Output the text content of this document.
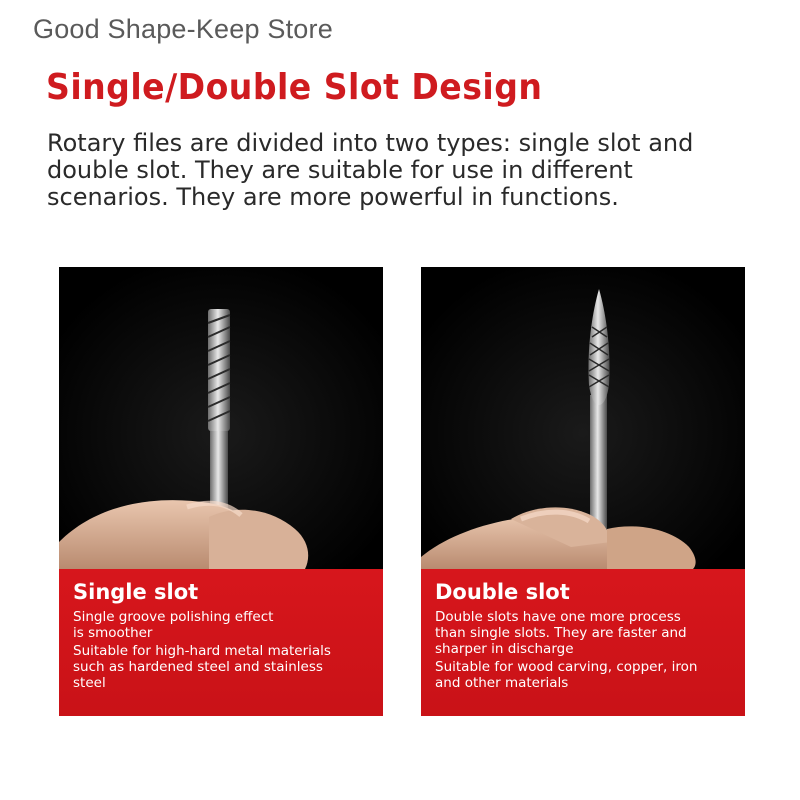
Good Shape-Keep Store
Single/Double Slot Design
Rotary files are divided into two types: single slot and
double slot. They are suitable for use in different
scenarios. They are more powerful in functions.
Single slot
Single groove polishing effect
is smoother
Suitable for high-hard metal materials
such as hardened steel and stainless
steel
Double slot
Double slots have one more process
than single slots. They are faster and
sharper in discharge
Suitable for wood carving, copper, iron
and other materials
